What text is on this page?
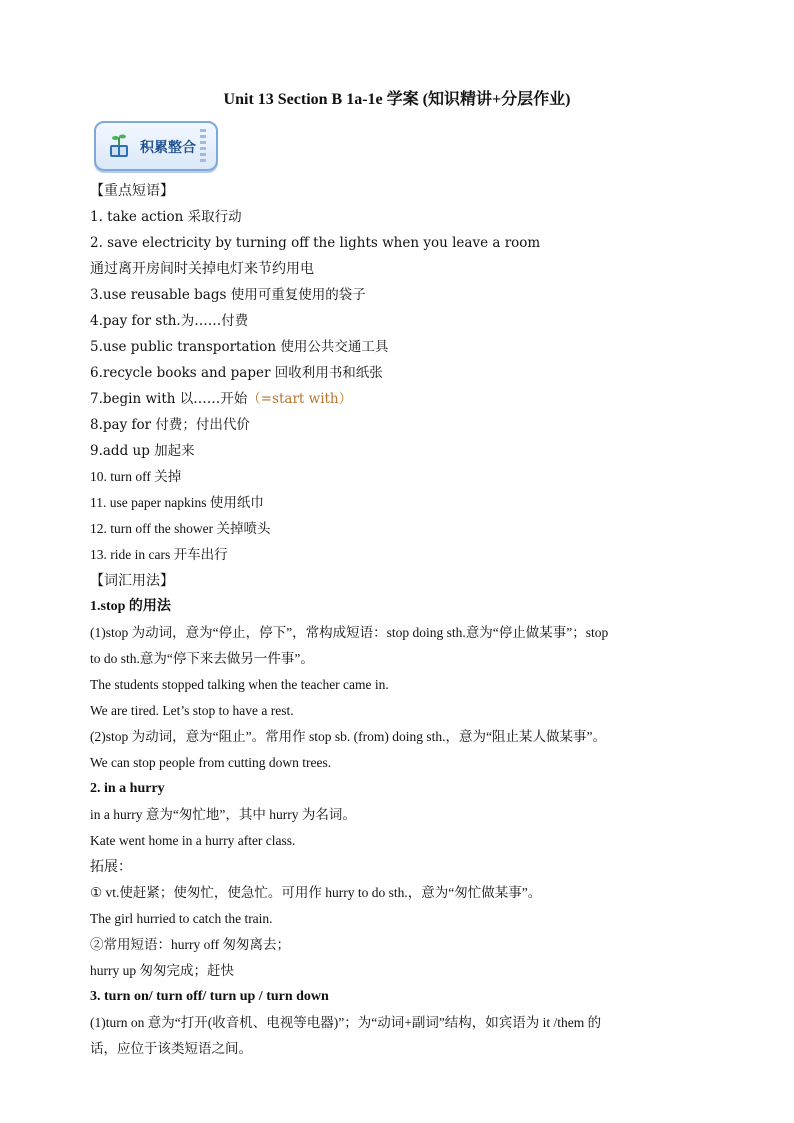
Unit 13 Section B 1a-1e 学案 (知识精讲+分层作业)
积累整合
【重点短语】
1. take action 采取行动
2. save electricity by turning off the lights when you leave a room
通过离开房间时关掉电灯来节约用电
3.use reusable bags 使用可重复使用的袋子
4.pay for sth.为……付费
5.use public transportation 使用公共交通工具
6.recycle books and paper 回收利用书和纸张
7.begin with 以……开始（=start with）
8.pay for 付费；付出代价
9.add up 加起来
10. turn off 关掉
11. use paper napkins 使用纸巾
12. turn off the shower 关掉喷头
13. ride in cars 开车出行
【词汇用法】
1.stop 的用法
(1)stop 为动词，意为“停止，停下”，常构成短语：stop doing sth.意为“停止做某事”；stop
to do sth.意为“停下来去做另一件事”。
The students stopped talking when the teacher came in.
We are tired. Let’s stop to have a rest.
(2)stop 为动词，意为“阻止”。常用作 stop sb. (from) doing sth.，意为“阻止某人做某事”。
We can stop people from cutting down trees.
2. in a hurry
in a hurry 意为“匆忙地”，其中 hurry 为名词。
Kate went home in a hurry after class.
拓展：
① vt.使赶紧；使匆忙，使急忙。可用作 hurry to do sth.，意为“匆忙做某事”。
The girl hurried to catch the train.
②常用短语：hurry off 匆匆离去；
hurry up 匆匆完成；赶快
3. turn on/ turn off/ turn up / turn down
(1)turn on 意为“打开(收音机、电视等电器)”；为“动词+副词”结构，如宾语为 it /them 的
话，应位于该类短语之间。
